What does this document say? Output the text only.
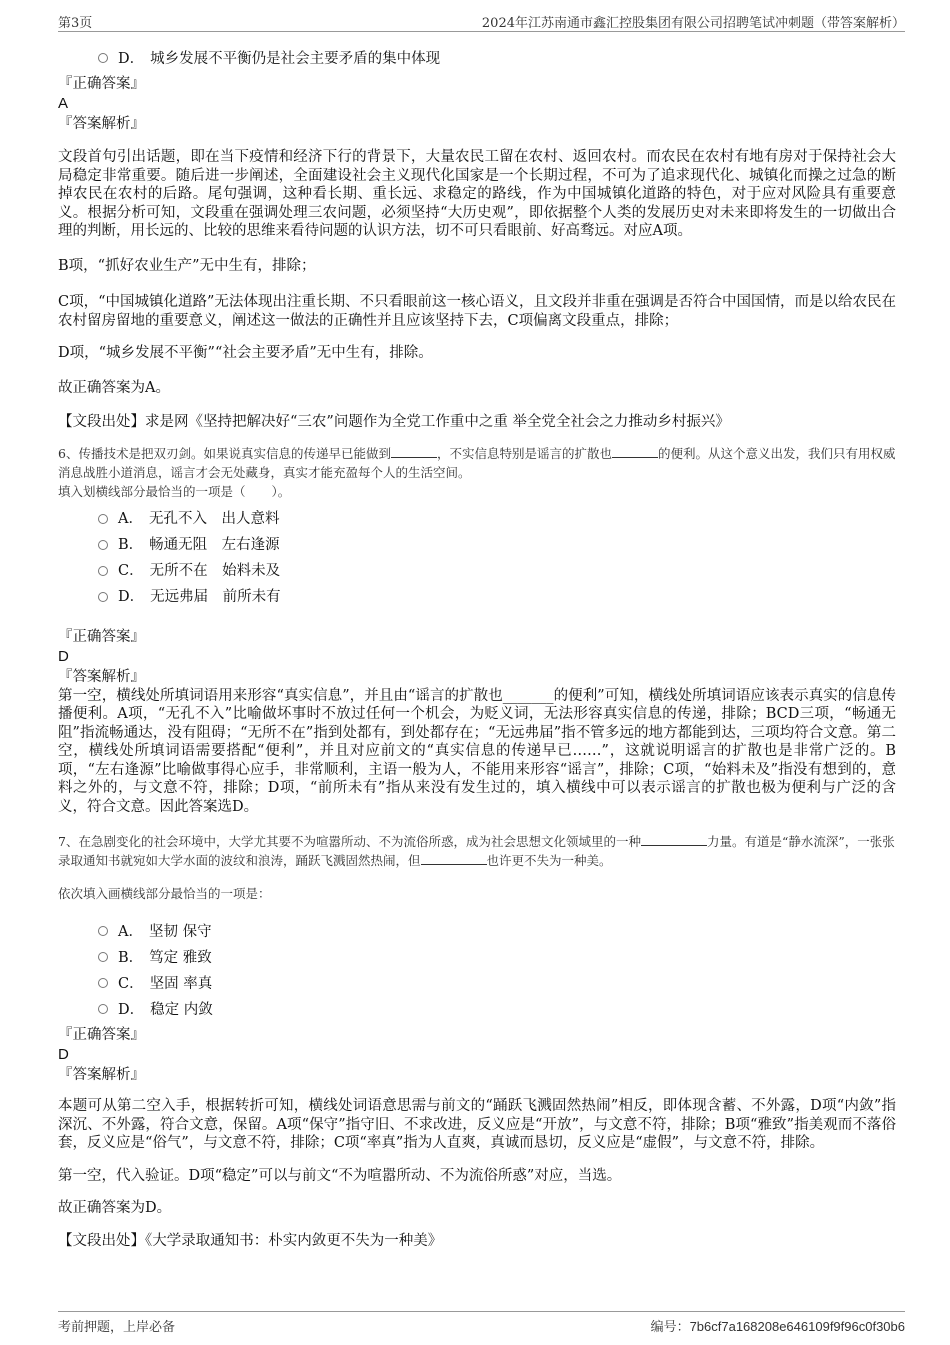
第3页	2024年江苏南通市鑫汇控股集团有限公司招聘笔试冲刺题（带答案解析）
D． 城乡发展不平衡仍是社会主要矛盾的集中体现
『正确答案』
A
『答案解析』
文段首句引出话题，即在当下疫情和经济下行的背景下，大量农民工留在农村、返回农村。而农民在农村有地有房对于保持社会大局稳定非常重要。随后进一步阐述，全面建设社会主义现代化国家是一个长期过程，不可为了追求现代化、城镇化而操之过急的断掉农民在农村的后路。尾句强调，这种看长期、重长远、求稳定的路线，作为中国城镇化道路的特色，对于应对风险具有重要意义。根据分析可知，文段重在强调处理三农问题，必须坚持“大历史观”，即依据整个人类的发展历史对未来即将发生的一切做出合理的判断，用长远的、比较的思维来看待问题的认识方法，切不可只看眼前、好高骛远。对应A项。
B项，“抓好农业生产”无中生有，排除；
C项，“中国城镇化道路”无法体现出注重长期、不只看眼前这一核心语义，且文段并非重在强调是否符合中国国情，而是以给农民在农村留房留地的重要意义，阐述这一做法的正确性并且应该坚持下去，C项偏离文段重点，排除；
D项，“城乡发展不平衡”“社会主要矛盾”无中生有，排除。
故正确答案为A。
【文段出处】求是网《坚持把解决好“三农”问题作为全党工作重中之重 举全党全社会之力推动乡村振兴》
6、传播技术是把双刃剑。如果说真实信息的传递早已能做到	，不实信息特别是谣言的扩散也	的便利。从这个意义出发，我们只有用权威消息战胜小道消息，谣言才会无处藏身，真实才能充盈每个人的生活空间。
填入划横线部分最恰当的一项是（ ）。
A． 无孔不入　出人意料
B． 畅通无阻　左右逢源
C． 无所不在　始料未及
D． 无远弗届　前所未有
『正确答案』
D
『答案解析』
第一空，横线处所填词语用来形容“真实信息”，并且由“谣言的扩散也_______的便利”可知，横线处所填词语应该表示真实的信息传播便利。A项，“无孔不入”比喻做坏事时不放过任何一个机会，为贬义词，无法形容真实信息的传递，排除；BCD三项，“畅通无阻”指流畅通达，没有阻碍；“无所不在”指到处都有，到处都存在；“无远弗届”指不管多远的地方都能到达，三项均符合文意。第二空，横线处所填词语需要搭配“便利”，并且对应前文的“真实信息的传递早已……”，这就说明谣言的扩散也是非常广泛的。B项，“左右逢源”比喻做事得心应手，非常顺利，主语一般为人，不能用来形容“谣言”，排除；C项，“始料未及”指没有想到的，意料之外的，与文意不符，排除；D项，“前所未有”指从来没有发生过的，填入横线中可以表示谣言的扩散也极为便利与广泛的含义，符合文意。因此答案选D。
7、在急剧变化的社会环境中，大学尤其要不为喧嚣所动、不为流俗所惑，成为社会思想文化领域里的一种	力量。有道是“静水流深”，一张张录取通知书就宛如大学水面的波纹和浪涛，踊跃飞溅固然热闹，但	也许更不失为一种美。
依次填入画横线部分最恰当的一项是：
A． 坚韧 保守
B． 笃定 雅致
C． 坚固 率真
D． 稳定 内敛
『正确答案』
D
『答案解析』
本题可从第二空入手，根据转折可知，横线处词语意思需与前文的“踊跃飞溅固然热闹”相反，即体现含蓄、不外露，D项“内敛”指深沉、不外露，符合文意，保留。A项“保守”指守旧、不求改进，反义应是“开放”，与文意不符，排除；B项“雅致”指美观而不落俗套，反义应是“俗气”，与文意不符，排除；C项“率真”指为人直爽，真诚而恳切，反义应是“虚假”，与文意不符，排除。
第一空，代入验证。D项“稳定”可以与前文“不为喧嚣所动、不为流俗所惑”对应，当选。
故正确答案为D。
【文段出处】《大学录取通知书：朴实内敛更不失为一种美》
考前押题，上岸必备	编号：7b6cf7a168208e646109f9f96c0f30b6
